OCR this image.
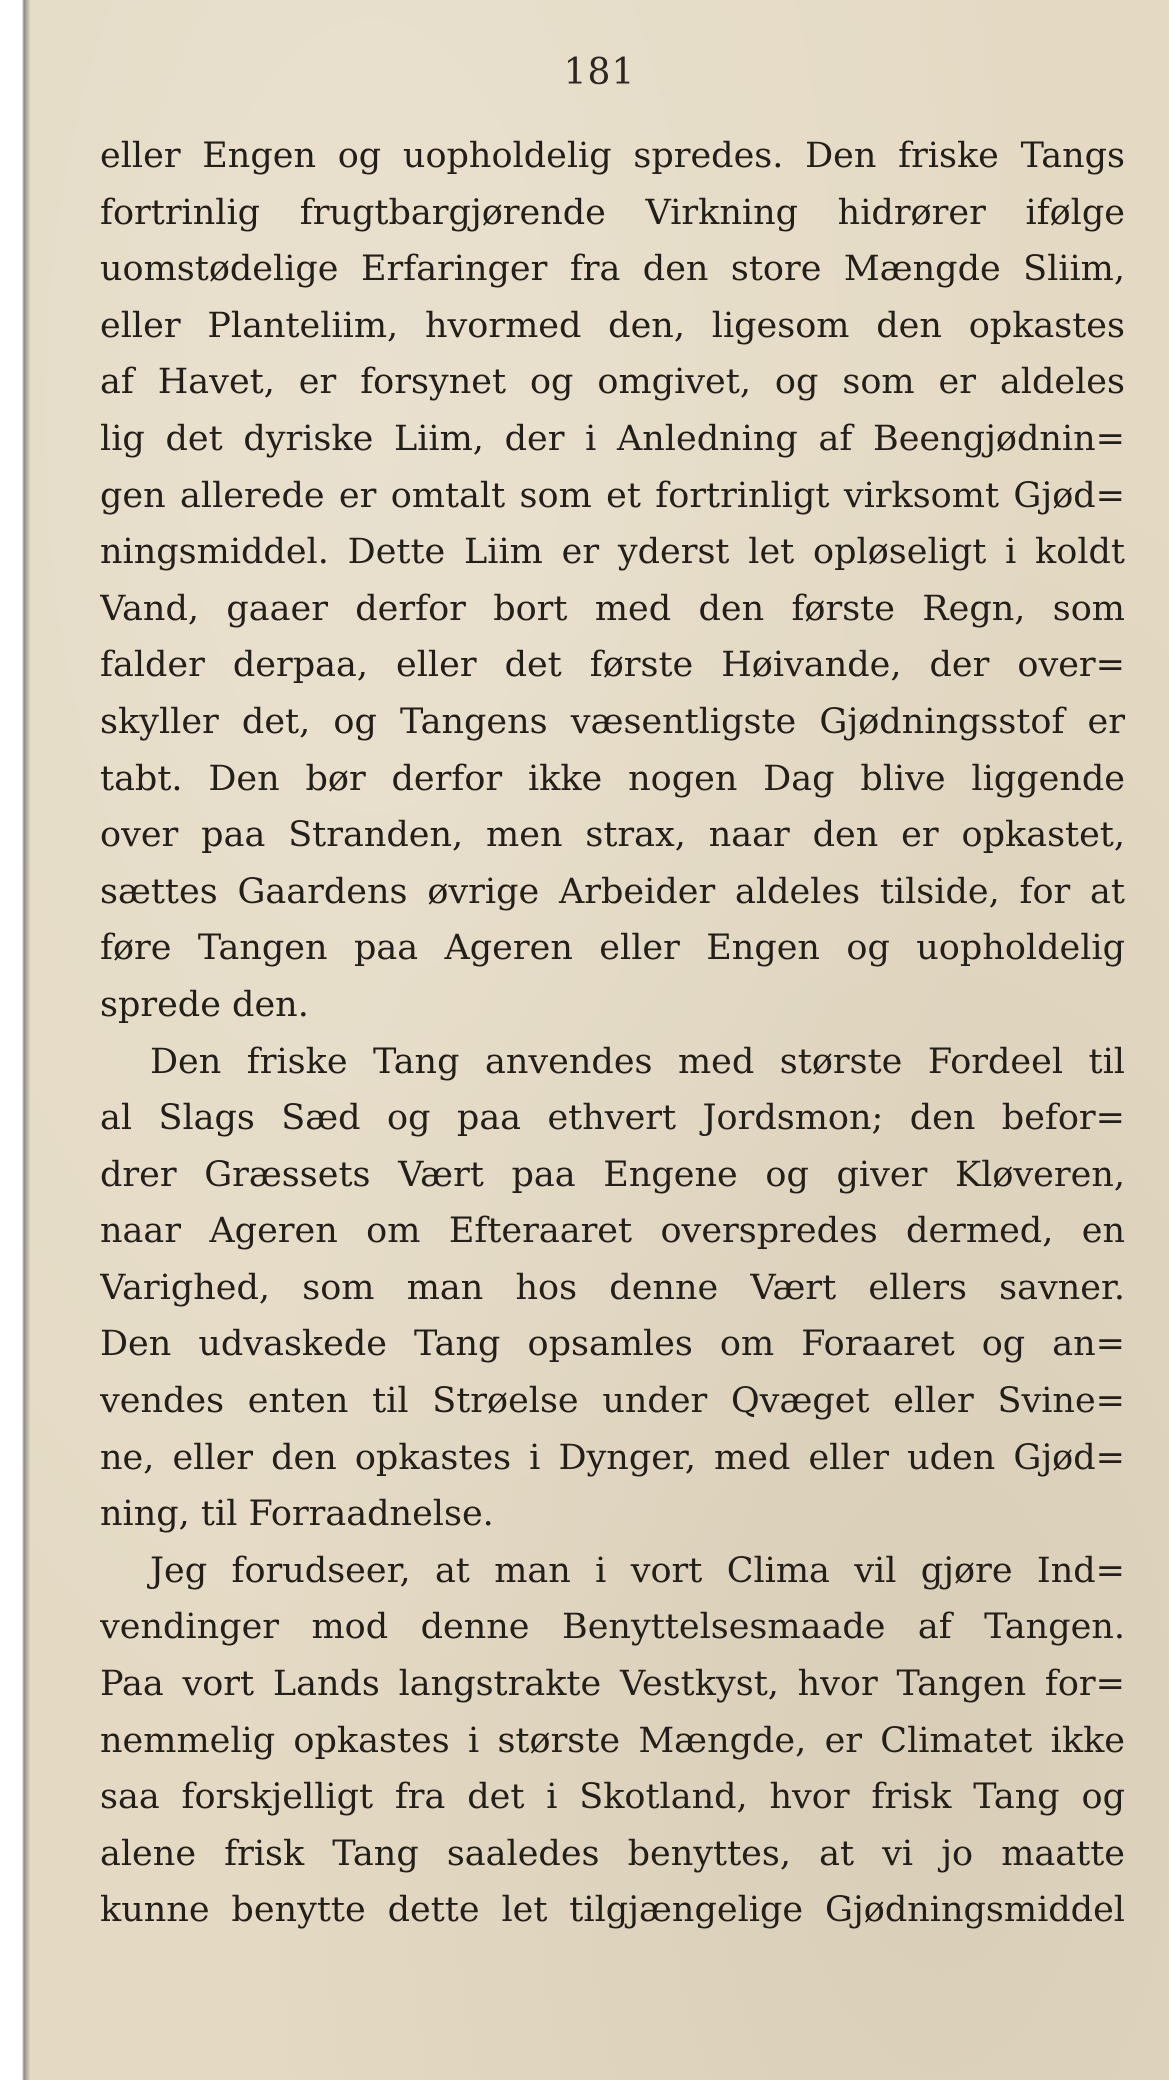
181
eller Engen og uopholdelig spredes. Den friske Tangs
fortrinlig frugtbargjørende Virkning hidrører ifølge
uomstødelige Erfaringer fra den store Mængde Sliim,
eller Planteliim, hvormed den, ligesom den opkastes
af Havet, er forsynet og omgivet, og som er aldeles
lig det dyriske Liim, der i Anledning af Beengjødnin=
gen allerede er omtalt som et fortrinligt virksomt Gjød=
ningsmiddel. Dette Liim er yderst let opløseligt i koldt
Vand, gaaer derfor bort med den første Regn, som
falder derpaa, eller det første Høivande, der over=
skyller det, og Tangens væsentligste Gjødningsstof er
tabt. Den bør derfor ikke nogen Dag blive liggende
over paa Stranden, men strax, naar den er opkastet,
sættes Gaardens øvrige Arbeider aldeles tilside, for at
føre Tangen paa Ageren eller Engen og uopholdelig
sprede den.
Den friske Tang anvendes med største Fordeel til
al Slags Sæd og paa ethvert Jordsmon; den befor=
drer Græssets Vært paa Engene og giver Kløveren,
naar Ageren om Efteraaret overspredes dermed, en
Varighed, som man hos denne Vært ellers savner.
Den udvaskede Tang opsamles om Foraaret og an=
vendes enten til Strøelse under Qvæget eller Svine=
ne, eller den opkastes i Dynger, med eller uden Gjød=
ning, til Forraadnelse.
Jeg forudseer, at man i vort Clima vil gjøre Ind=
vendinger mod denne Benyttelsesmaade af Tangen.
Paa vort Lands langstrakte Vestkyst, hvor Tangen for=
nemmelig opkastes i største Mængde, er Climatet ikke
saa forskjelligt fra det i Skotland, hvor frisk Tang og
alene frisk Tang saaledes benyttes, at vi jo maatte
kunne benytte dette let tilgjængelige Gjødningsmiddel
